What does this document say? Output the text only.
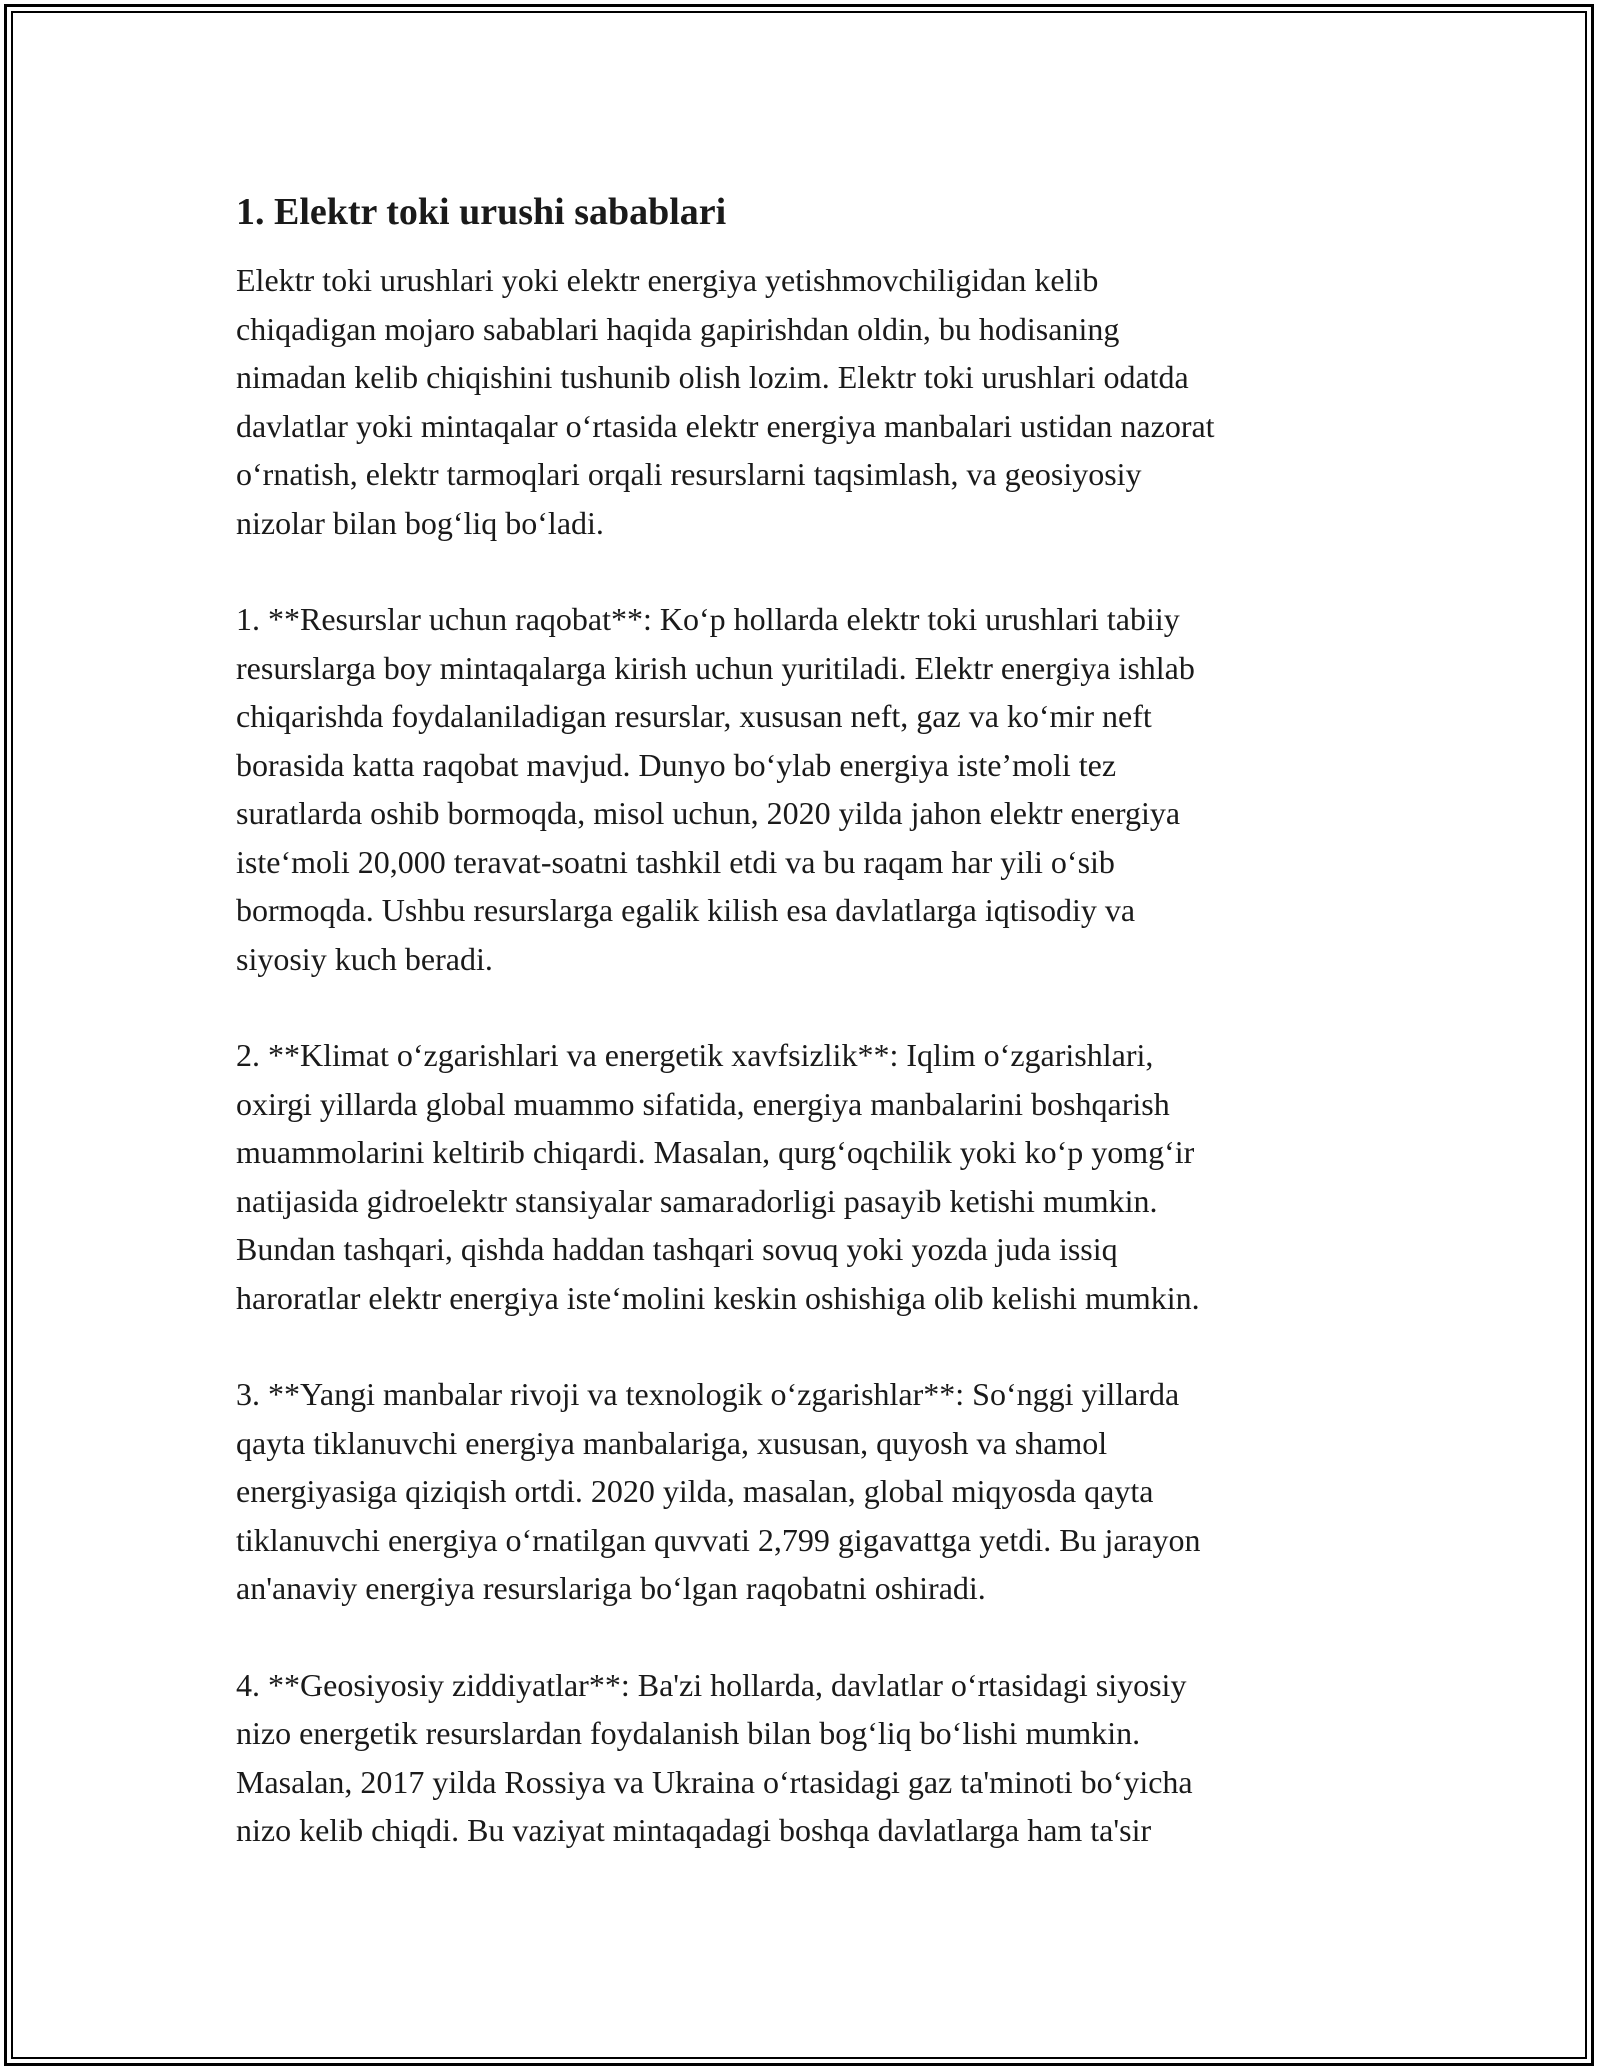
1. Elektr toki urushi sabablari

Elektr toki urushlari yoki elektr energiya yetishmovchiligidan kelib
chiqadigan mojaro sabablari haqida gapirishdan oldin, bu hodisaning
nimadan kelib chiqishini tushunib olish lozim. Elektr toki urushlari odatda
davlatlar yoki mintaqalar o‘rtasida elektr energiya manbalari ustidan nazorat
o‘rnatish, elektr tarmoqlari orqali resurslarni taqsimlash, va geosiyosiy
nizolar bilan bog‘liq bo‘ladi.

1. **Resurslar uchun raqobat**: Ko‘p hollarda elektr toki urushlari tabiiy
resurslarga boy mintaqalarga kirish uchun yuritiladi. Elektr energiya ishlab
chiqarishda foydalaniladigan resurslar, xususan neft, gaz va ko‘mir neft
borasida katta raqobat mavjud. Dunyo bo‘ylab energiya iste’moli tez
suratlarda oshib bormoqda, misol uchun, 2020 yilda jahon elektr energiya
iste‘moli 20,000 teravat-soatni tashkil etdi va bu raqam har yili o‘sib
bormoqda. Ushbu resurslarga egalik kilish esa davlatlarga iqtisodiy va
siyosiy kuch beradi.

2. **Klimat o‘zgarishlari va energetik xavfsizlik**: Iqlim o‘zgarishlari,
oxirgi yillarda global muammo sifatida, energiya manbalarini boshqarish
muammolarini keltirib chiqardi. Masalan, qurg‘oqchilik yoki ko‘p yomg‘ir
natijasida gidroelektr stansiyalar samaradorligi pasayib ketishi mumkin.
Bundan tashqari, qishda haddan tashqari sovuq yoki yozda juda issiq
haroratlar elektr energiya iste‘molini keskin oshishiga olib kelishi mumkin.

3. **Yangi manbalar rivoji va texnologik o‘zgarishlar**: So‘nggi yillarda
qayta tiklanuvchi energiya manbalariga, xususan, quyosh va shamol
energiyasiga qiziqish ortdi. 2020 yilda, masalan, global miqyosda qayta
tiklanuvchi energiya o‘rnatilgan quvvati 2,799 gigavattga yetdi. Bu jarayon
an'anaviy energiya resurslariga bo‘lgan raqobatni oshiradi.

4. **Geosiyosiy ziddiyatlar**: Ba'zi hollarda, davlatlar o‘rtasidagi siyosiy
nizo energetik resurslardan foydalanish bilan bog‘liq bo‘lishi mumkin.
Masalan, 2017 yilda Rossiya va Ukraina o‘rtasidagi gaz ta'minoti bo‘yicha
nizo kelib chiqdi. Bu vaziyat mintaqadagi boshqa davlatlarga ham ta'sir
